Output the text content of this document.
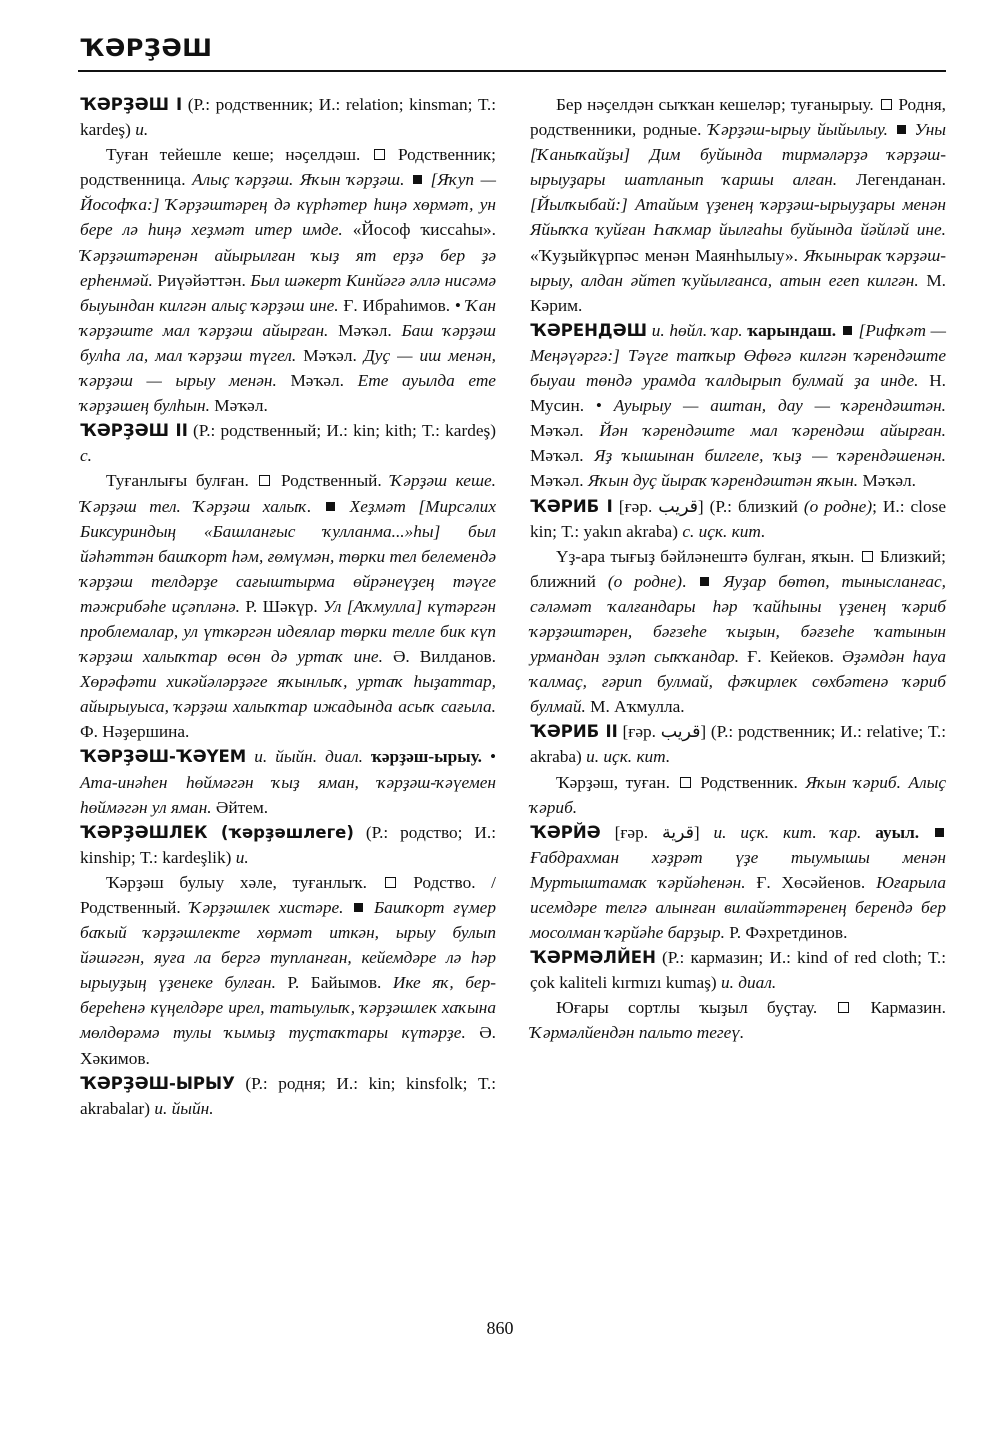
ҠӘРҘӘШ

ҠӘРҘӘШ I (Р.: родственник; И.: relation; kinsman; Т.: kardeş) и.

Туған тейешле кеше; нәҫелдәш.  Родственник; родственница. Алыҫ ҡәрҙәш. Яҡын ҡәрҙәш.  [Яҡуп — Йософҡа:] Ҡәрҙәштәрең дә күрһәтер һиңә хөрмәт, ун бере лә һиңә хеҙмәт итер имде. «Йософ ҡиссаһы». Ҡәрҙәштәренән айырылған ҡыҙ ят ерҙә бер ҙә ерһенмәй. Риүәйәттән. Был шәкерт Кинйәгә әллә нисәмә быуындан килгән алыҫ ҡәрҙәш ине. Ғ. Ибраһимов. • Ҡан ҡәрҙәште мал ҡәрҙәш айырған. Мәҡәл. Баш ҡәрҙәш булһа ла, мал ҡәрҙәш түгел. Мәҡәл. Дуҫ — иш менән, ҡәрҙәш — ырыу менән. Мәҡәл. Ете ауылда ете ҡәрҙәшең булһын. Мәҡәл.

ҠӘРҘӘШ II (Р.: родственный; И.: kin; kith; Т.: kardeş) с.

Туғанлығы булған.  Родственный. Ҡәрҙәш кеше. Ҡәрҙәш тел. Ҡәрҙәш халыҡ.  Хеҙмәт [Мирсәлих Биксуриндың «Башланғыс ҡулланма...»һы] был йәһәттән башҡорт һәм, ғөмүмән, төрки тел белемендә ҡәрҙәш телдәрҙе сағыштырма өйрәнеүҙең тәүге тәжрибәһе иҫәпләнә. Р. Шәкүр. Ул [Аҡмулла] күтәргән проблемалар, ул үткәргән идеялар төрки телле бик күп ҡәрҙәш халыҡтар өсөн дә уртаҡ ине. Ә. Вилданов. Хөрәфәти хикәйәләрҙәге яҡынлыҡ, уртаҡ һыҙаттар, айырыуыса, ҡәрҙәш халыҡтар ижадында асыҡ сағыла. Ф. Нәҙершина.

ҠӘРҘӘШ-ҠӘҮЕМ и. йыйн. диал. ҡәрҙәш-ырыу. • Ата-инәһен һөймәгән ҡыҙ яман, ҡәрҙәш-ҡәүемен һөймәгән ул яман. Әйтем.

ҠӘРҘӘШЛЕК (ҡәрҙәшлеге) (Р.: родство; И.: kinship; Т.: kardeşlik) и.

Ҡәрҙәш булыу хәле, туғанлыҡ.  Родство. / Родственный. Ҡәрҙәшлек хистәре.  Башҡорт ғүмер баҡый ҡәрҙәшлекте хөрмәт иткән, ырыу булып йәшәгән, яуға ла бергә тупланған, кейемдәре лә һәр ырыуҙың үҙенеке булған. Р. Байымов. Ике яҡ, бер-береһенә күңелдәре ирел, татыулыҡ, ҡәрҙәшлек хаҡына мөлдөрәмә тулы ҡымыҙ туҫтаҡтары күтәрҙе. Ә. Хәкимов.

ҠӘРҘӘШ-ЫРЫУ (Р.: родня; И.: kin; kinsfolk; Т.: akrabalar) и. йыйн.

Бер нәҫелдән сыҡҡан кешеләр; туғанырыу.  Родня, родственники, родные. Ҡәрҙәш-ырыу йыйылыу.  Уны [Ҡаныҡайҙы] Дим буйында тирмәләрҙә ҡәрҙәш-ырыуҙары шатланып ҡаршы алған. Легенданан. [Йылҡыбай:] Атайым үҙенең ҡәрҙәш-ырыуҙары менән Яйыҡҡа ҡуйған Һаҡмар йылғаһы буйында йәйләй ине. «Ҡуҙыйкүрпәс менән Маянһылыу». Яҡынырак ҡәрҙәш-ырыу, алдан әйтеп ҡуйылғанса, атын егеп килгән. М. Кәрим.

ҠӘРЕНДӘШ и. һөйл. ҡар. ҡарындаш.  [Рифҡәт — Меңәүәргә:] Тәүге тапҡыр Өфөгә килгән ҡәрендәште быуаи төндә урамда ҡалдырып булмай ҙа инде. Н. Мусин. • Ауырыу — аштан, дау — ҡәрендәштән. Мәҡәл. Йән ҡәрендәште мал ҡәрендәш айырған. Мәҡәл. Яҙ ҡышынан билгеле, ҡыҙ — ҡәрендәшенән. Мәҡәл. Яҡын дуҫ йыраҡ ҡәрендәштән яҡын. Мәҡәл.

ҠӘРИБ I [ғәр. قريب] (Р.: близкий (о родне); И.: close kin; Т.: yakın akraba) с. иҫк. кит.

Үҙ-ара тығыҙ бәйләнештә булған, яҡын.  Близкий; ближний (о родне).  Яуҙар бөтөп, тынысланғас, сәләмәт ҡалғандары һәр ҡайһыны үҙенең ҡәриб ҡәрҙәштәрен, бәғзеһе ҡыҙын, бәғзеһе ҡатынын урмандан эҙләп сыҡҡандар. Ғ. Кейеков. Әҙәмдән һауа ҡалмаҫ, ғәрип булмай, фәҡирлек сөхбәтенә ҡәриб булмай. М. Аҡмулла.

ҠӘРИБ II [ғәр. قريب] (Р.: родственник; И.: relative; Т.: akraba) и. иҫк. кит.

Ҡәрҙәш, туған.  Родственник. Яҡын ҡәриб. Алыҫ ҡәриб.

ҠӘРЙӘ [ғәр. قرية] и. иҫк. кит. ҡар. ауыл.  Ғабдрахман хәҙрәт үҙе тыумышы менән Муртыштамаҡ ҡәрйәһенән. Ғ. Хөсәйенов. Юғарыла исемдәре телгә алынған вилайәттәренең берендә бер мосолман ҡәрйәһе барҙыр. Р. Фәхретдинов.

ҠӘРМӘЛЙЕН (Р.: кармазин; И.: kind of red cloth; Т.: çok kaliteli kırmızı kumaş) и. диал.

Юғары сортлы ҡыҙыл буҫтау.  Кармазин. Ҡәрмәлйендән пальто тегеү.

860
